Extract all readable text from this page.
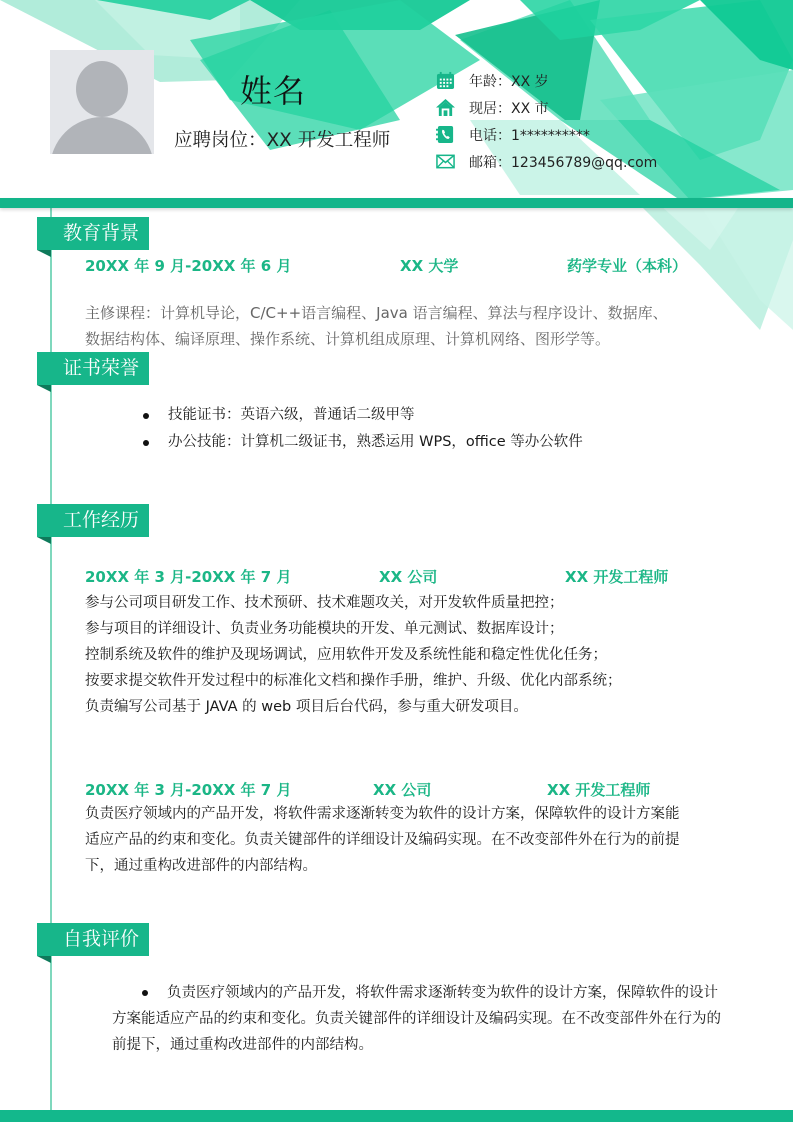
姓名
应聘岗位：XX 开发工程师
年龄：XX 岁
现居：XX 市
电话：1**********
邮箱：123456789@qq.com
教育背景
20XX 年 9 月-20XX 年 6 月	XX 大学	药学专业（本科）
主修课程：计算机导论，C/C++语言编程、Java 语言编程、算法与程序设计、数据库、
数据结构体、编译原理、操作系统、计算机组成原理、计算机网络、图形学等。
证书荣誉
技能证书：英语六级，普通话二级甲等
办公技能：计算机二级证书，熟悉运用 WPS，office 等办公软件
工作经历
20XX 年 3 月-20XX 年 7 月	XX 公司	XX 开发工程师
参与公司项目研发工作、技术预研、技术难题攻关，对开发软件质量把控；
参与项目的详细设计、负责业务功能模块的开发、单元测试、数据库设计；
控制系统及软件的维护及现场调试，应用软件开发及系统性能和稳定性优化任务；
按要求提交软件开发过程中的标准化文档和操作手册，维护、升级、优化内部系统；
负责编写公司基于 JAVA 的 web 项目后台代码，参与重大研发项目。
20XX 年 3 月-20XX 年 7 月	XX 公司	XX 开发工程师
负责医疗领域内的产品开发，将软件需求逐渐转变为软件的设计方案，保障软件的设计方案能
适应产品的约束和变化。负责关键部件的详细设计及编码实现。在不改变部件外在行为的前提
下，通过重构改进部件的内部结构。
自我评价
负责医疗领域内的产品开发，将软件需求逐渐转变为软件的设计方案，保障软件的设计方案能适应产品的约束和变化。负责关键部件的详细设计及编码实现。在不改变部件外在行为的前提下，通过重构改进部件的内部结构。
